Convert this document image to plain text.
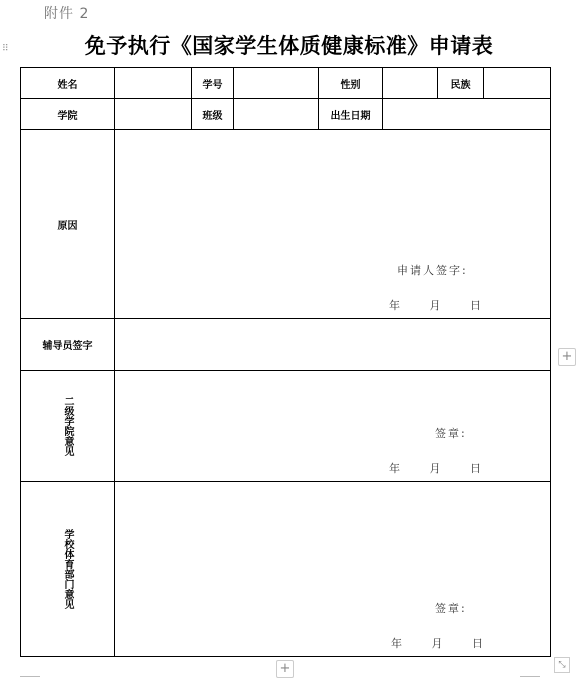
附件 2
⠿	免予执行《国家学生体质健康标准》申请表
姓名		学号		性别		民族	
学院		班级		出生日期			
原因	申请人签字:
年 月 日						

辅导员签字							
二级学院意见	签章:
年 月 日						

学校体育部门意见	签章:
年 月 日						
+
+	⤡
